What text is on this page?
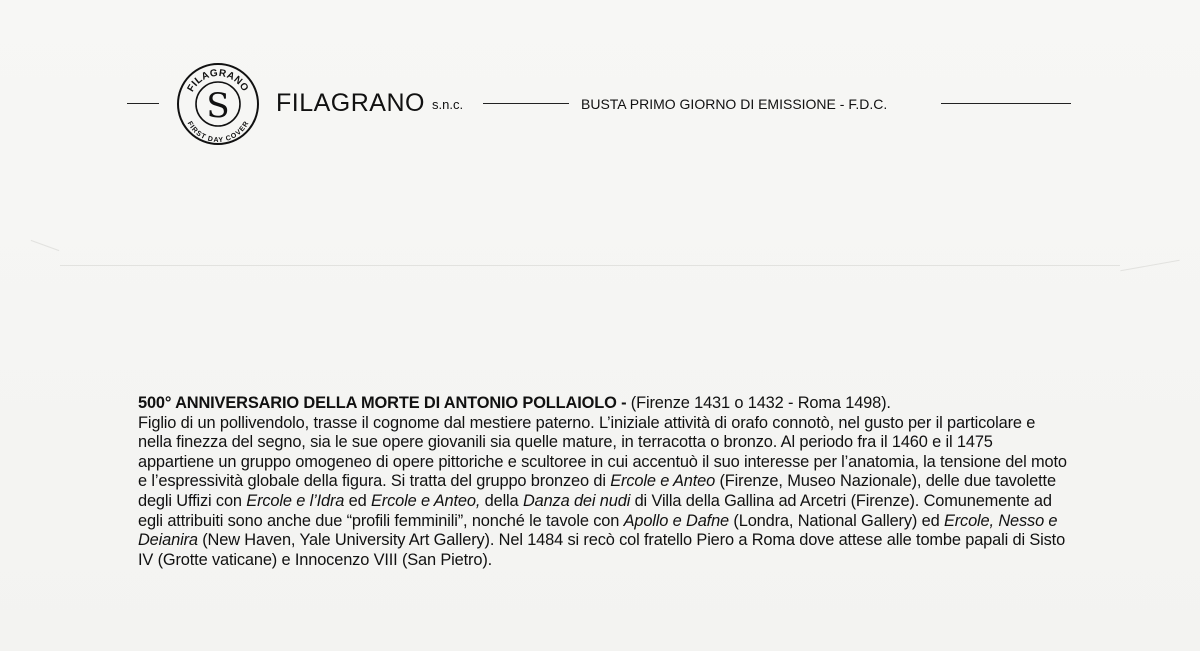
S
FILAGRANO
FIRST DAY COVER
FILAGRANO s.n.c.	BUSTA PRIMO GIORNO DI EMISSIONE - F.D.C.

500° ANNIVERSARIO DELLA MORTE DI ANTONIO POLLAIOLO - (Firenze 1431 o 1432 - Roma 1498).
Figlio di un pollivendolo, trasse il cognome dal mestiere paterno. L’iniziale attività di orafo connotò, nel gusto per il particolare e nella finezza del segno, sia le sue opere giovanili sia quelle mature, in terracotta o bronzo. Al periodo fra il 1460 e il 1475 appartiene un gruppo omogeneo di opere pittoriche e scultoree in cui accentuò il suo interesse per l’anatomia, la tensione del moto e l’espressività globale della figura. Si tratta del gruppo bronzeo di Ercole e Anteo (Firenze, Museo Nazionale), delle due tavolette degli Uffizi con Ercole e l’Idra ed Ercole e Anteo, della Danza dei nudi di Villa della Gallina ad Arcetri (Firenze). Comunemente ad egli attribuiti sono anche due “profili femminili”, nonché le tavole con Apollo e Dafne (Londra, National Gallery) ed Ercole, Nesso e Deianira (New Haven, Yale University Art Gallery). Nel 1484 si recò col fratello Piero a Roma dove attese alle tombe papali di Sisto IV (Grotte vaticane) e Innocenzo VIII (San Pietro).
